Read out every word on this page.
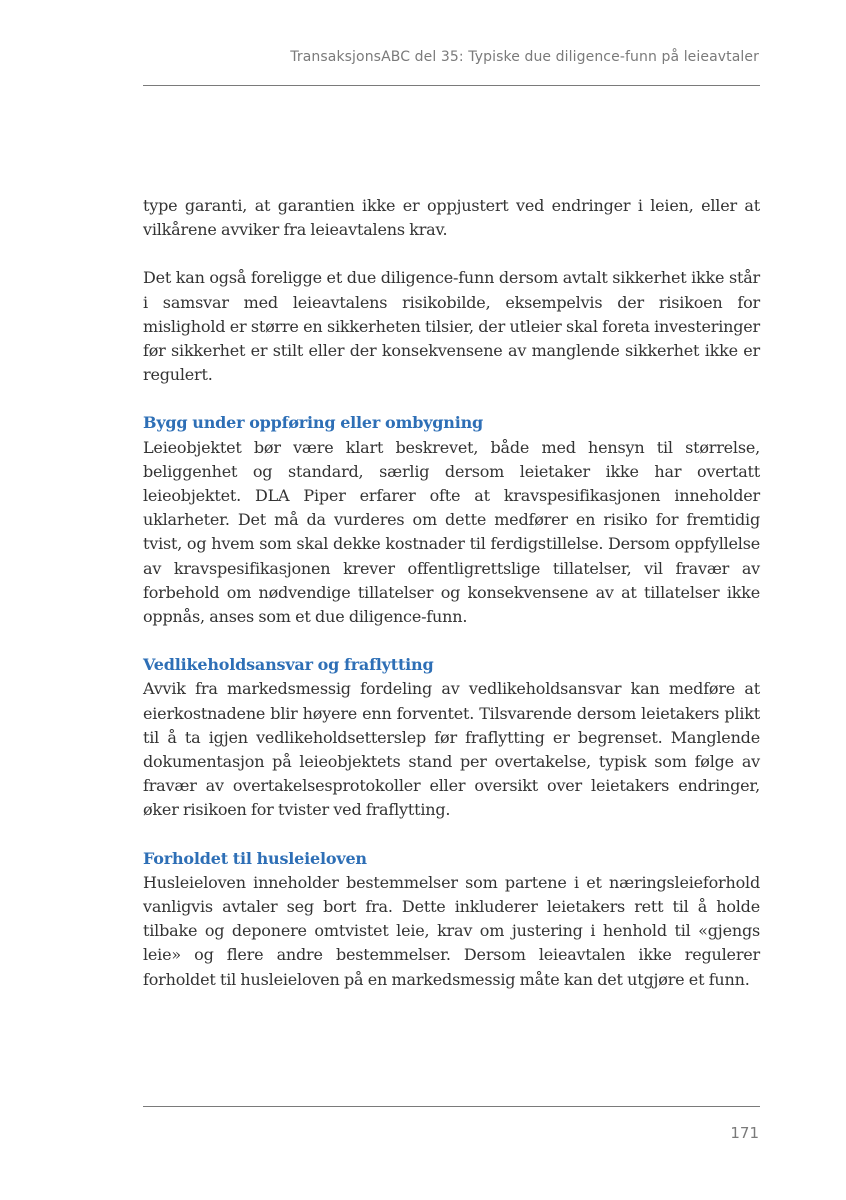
TransaksjonsABC del 35: Typiske due diligence-funn på leieavtaler

type garanti, at garantien ikke er oppjustert ved endringer i leien, eller at vilkårene avviker fra leieavtalens krav.

Det kan også foreligge et due diligence-funn dersom avtalt sikkerhet ikke står i samsvar med leieavtalens risikobilde, eksempelvis der risikoen for mislighold er større en sikkerheten tilsier, der utleier skal foreta investeringer før sikkerhet er stilt eller der konsekvensene av manglende sikkerhet ikke er regulert.

Bygg under oppføring eller ombygning

Leieobjektet bør være klart beskrevet, både med hensyn til størrelse, beliggenhet og standard, særlig dersom leietaker ikke har overtatt leieobjektet. DLA Piper erfarer ofte at kravspesifikasjonen inneholder uklarheter. Det må da vurderes om dette medfører en risiko for fremtidig tvist, og hvem som skal dekke kostnader til ferdigstillelse. Dersom oppfyllelse av kravspesifikasjonen krever offentligrettslige tillatelser, vil fravær av forbehold om nødvendige tillatelser og konsekvensene av at tillatelser ikke oppnås, anses som et due diligence-funn.

Vedlikeholdsansvar og fraflytting

Avvik fra markedsmessig fordeling av vedlikeholdsansvar kan medføre at eierkostnadene blir høyere enn forventet. Tilsvarende dersom leietakers plikt til å ta igjen vedlikeholdsetterslep før fraflytting er begrenset. Manglende dokumentasjon på leieobjektets stand per overtakelse, typisk som følge av fravær av overtakelsesprotokoller eller oversikt over leietakers endringer, øker risikoen for tvister ved fraflytting.

Forholdet til husleieloven

Husleieloven inneholder bestemmelser som partene i et næringsleieforhold vanligvis avtaler seg bort fra. Dette inkluderer leietakers rett til å holde tilbake og deponere omtvistet leie, krav om justering i henhold til «gjengs leie» og flere andre bestemmelser. Dersom leieavtalen ikke regulerer forholdet til husleieloven på en markedsmessig måte kan det utgjøre et funn.

171
